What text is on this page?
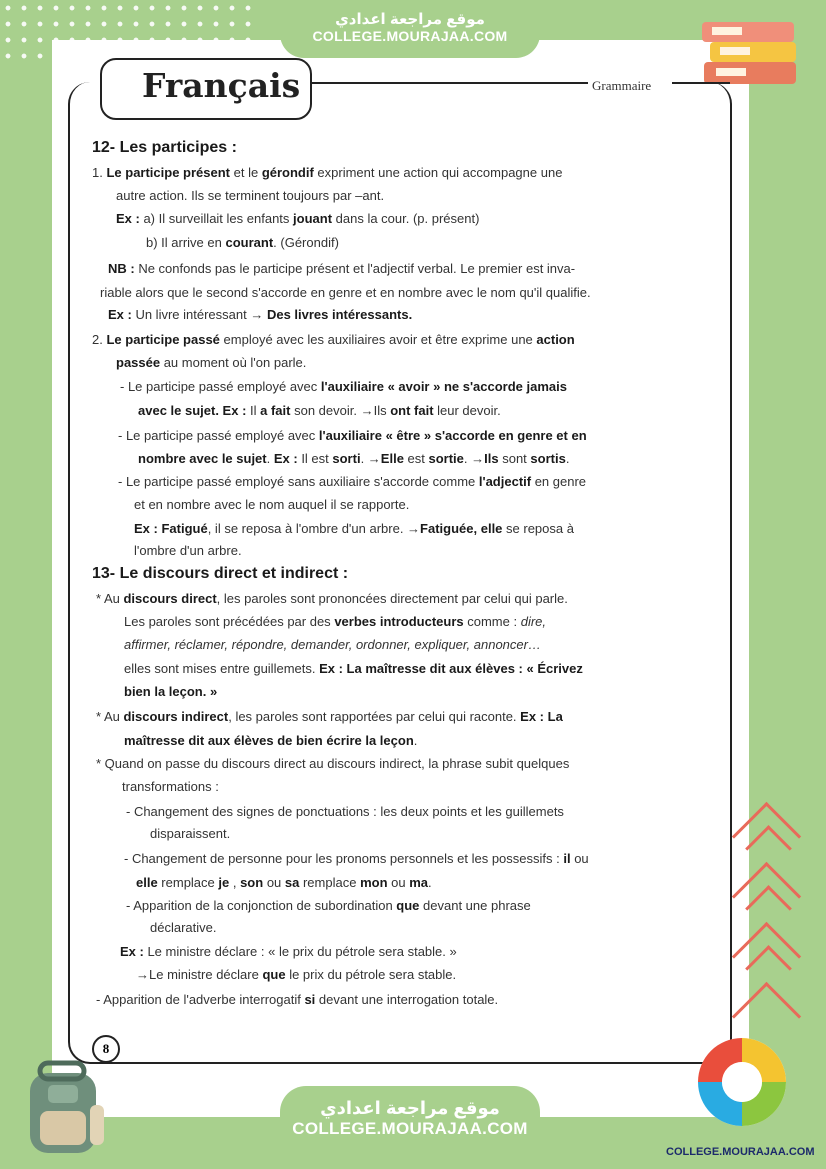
موقع مراجعة اعدادي
COLLEGE.MOURAJAA.COM
Français	Grammaire
12- Les participes :
1. Le participe présent et le gérondif expriment une action qui accompagne une
autre action. Ils se terminent toujours par –ant.
Ex : a) Il surveillait les enfants jouant dans la cour. (p. présent)
b) Il arrive en courant. (Gérondif)
NB : Ne confonds pas le participe présent et l'adjectif verbal. Le premier est inva-
riable alors que le second s'accorde en genre et en nombre avec le nom qu'il qualifie.
Ex : Un livre intéressant → Des livres intéressants.
2. Le participe passé employé avec les auxiliaires avoir et être exprime une action
passée au moment où l'on parle.
- Le participe passé employé avec l'auxiliaire « avoir » ne s'accorde jamais
avec le sujet. Ex : Il a fait son devoir. →Ils ont fait leur devoir.
- Le participe passé employé avec l'auxiliaire « être » s'accorde en genre et en
nombre avec le sujet. Ex : Il est sorti. →Elle est sortie. →Ils sont sortis.
- Le participe passé employé sans auxiliaire s'accorde comme l'adjectif en genre
et en nombre avec le nom auquel il se rapporte.
Ex : Fatigué, il se reposa à l'ombre d'un arbre. →Fatiguée, elle se reposa à
l'ombre d'un arbre.
13- Le discours direct et indirect :
* Au discours direct, les paroles sont prononcées directement par celui qui parle.
Les paroles sont précédées par des verbes introducteurs comme : dire,
affirmer, réclamer, répondre, demander, ordonner, expliquer, annoncer…
elles sont mises entre guillemets. Ex : La maîtresse dit aux élèves : « Écrivez
bien la leçon. »
* Au discours indirect, les paroles sont rapportées par celui qui raconte. Ex : La
maîtresse dit aux élèves de bien écrire la leçon.
* Quand on passe du discours direct au discours indirect, la phrase subit quelques
transformations :
- Changement des signes de ponctuations : les deux points et les guillemets
disparaissent.
- Changement de personne pour les pronoms personnels et les possessifs : il ou
elle remplace je , son ou sa remplace mon ou ma.
- Apparition de la conjonction de subordination que devant une phrase
déclarative.
Ex : Le ministre déclare : « le prix du pétrole sera stable. »
→Le ministre déclare que le prix du pétrole sera stable.
- Apparition de l'adverbe interrogatif si devant une interrogation totale.
8
موقع مراجعة اعدادي
COLLEGE.MOURAJAA.COM
COLLEGE.MOURAJAA.COM
